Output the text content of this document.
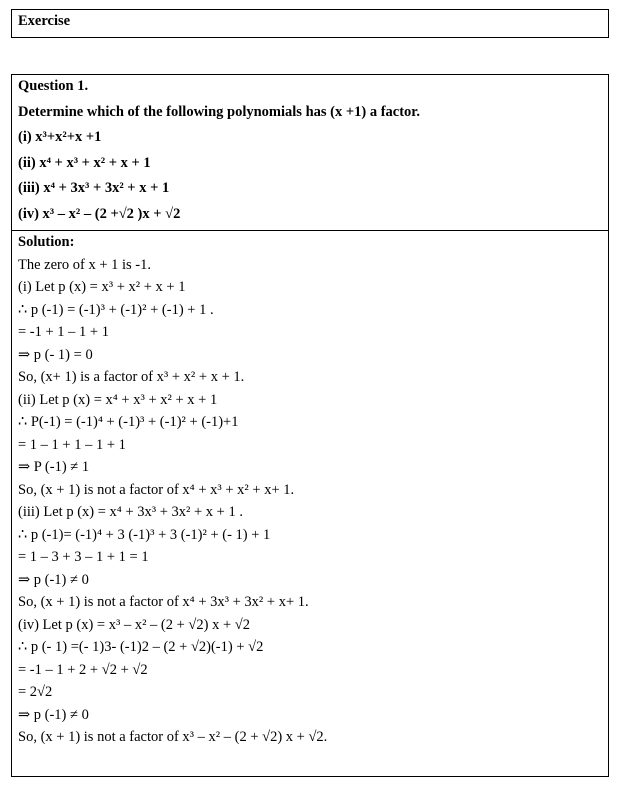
Exercise
Question 1.
Determine which of the following polynomials has (x +1) a factor.
(i) x³+x²+x +1
(ii) x⁴ + x³ + x² + x + 1
(iii) x⁴ + 3x³ + 3x² + x + 1
(iv) x³ – x² – (2 +√2 )x + √2
Solution:
The zero of x + 1 is -1.
(i) Let p (x) = x³ + x² + x + 1
∴ p (-1) = (-1)³ + (-1)² + (-1) + 1 .
= -1 + 1 – 1 + 1
⇒ p (- 1) = 0
So, (x+ 1) is a factor of x³ + x² + x + 1.
(ii) Let p (x) = x⁴ + x³ + x² + x + 1
∴ P(-1) = (-1)⁴ + (-1)³ + (-1)² + (-1)+1
= 1 – 1 + 1 – 1 + 1
⇒ P (-1) ≠ 1
So, (x + 1) is not a factor of x⁴ + x³ + x² + x+ 1.
(iii) Let p (x) = x⁴ + 3x³ + 3x² + x + 1 .
∴ p (-1)= (-1)⁴ + 3 (-1)³ + 3 (-1)² + (- 1) + 1
= 1 – 3 + 3 – 1 + 1 = 1
⇒ p (-1) ≠ 0
So, (x + 1) is not a factor of x⁴ + 3x³ + 3x² + x+ 1.
(iv) Let p (x) = x³ – x² – (2 + √2) x + √2
∴ p (- 1) =(- 1)3- (-1)2 – (2 + √2)(-1) + √2
= -1 – 1 + 2 + √2 + √2
= 2√2
⇒ p (-1) ≠ 0
So, (x + 1) is not a factor of x³ – x² – (2 + √2) x + √2.
